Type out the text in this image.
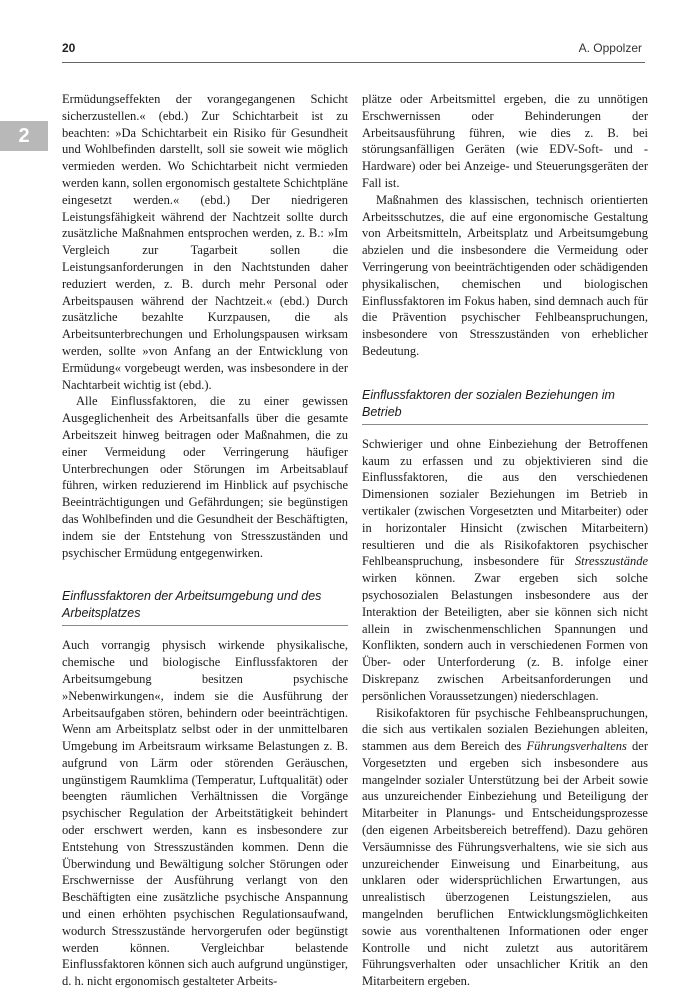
20	A. Oppolzer
2

Ermüdungseffekten der vorangegangenen Schicht sicherzustellen.« (ebd.) Zur Schichtarbeit ist zu beachten: »Da Schichtarbeit ein Risiko für Gesundheit und Wohlbefinden darstellt, soll sie soweit wie möglich vermieden werden. Wo Schichtarbeit nicht vermieden werden kann, sollen ergonomisch gestaltete Schichtpläne eingesetzt werden.« (ebd.) Der niedrigeren Leistungsfähigkeit während der Nachtzeit sollte durch zusätzliche Maßnahmen entsprochen werden, z. B.: »Im Vergleich zur Tagarbeit sollen die Leistungsanforderungen in den Nachtstunden daher reduziert werden, z. B. durch mehr Personal oder Arbeitspausen während der Nachtzeit.« (ebd.) Durch zusätzliche bezahlte Kurzpausen, die als Arbeitsunterbrechungen und Erholungspausen wirksam werden, sollte »von Anfang an der Entwicklung von Ermüdung« vorgebeugt werden, was insbesondere in der Nachtarbeit wichtig ist (ebd.).

Alle Einflussfaktoren, die zu einer gewissen Ausgeglichenheit des Arbeitsanfalls über die gesamte Arbeitszeit hinweg beitragen oder Maßnahmen, die zu einer Vermeidung oder Verringerung häufiger Unterbrechungen oder Störungen im Arbeitsablauf führen, wirken reduzierend im Hinblick auf psychische Beeinträchtigungen und Gefährdungen; sie begünstigen das Wohlbefinden und die Gesundheit der Beschäftigten, indem sie der Entstehung von Stresszuständen und psychischer Ermüdung entgegenwirken.

Einflussfaktoren der Arbeitsumgebung und des Arbeitsplatzes

Auch vorrangig physisch wirkende physikalische, chemische und biologische Einflussfaktoren der Arbeitsumgebung besitzen psychische »Nebenwirkungen«, indem sie die Ausführung der Arbeitsaufgaben stören, behindern oder beeinträchtigen. Wenn am Arbeitsplatz selbst oder in der unmittelbaren Umgebung im Arbeitsraum wirksame Belastungen z. B. aufgrund von Lärm oder störenden Geräuschen, ungünstigem Raumklima (Temperatur, Luftqualität) oder beengten räumlichen Verhältnissen die Vorgänge psychischer Regulation der Arbeitstätigkeit behindert oder erschwert werden, kann es insbesondere zur Entstehung von Stresszuständen kommen. Denn die Überwindung und Bewältigung solcher Störungen oder Erschwernisse der Ausführung verlangt von den Beschäftigten eine zusätzliche psychische Anspannung und einen erhöhten psychischen Regulationsaufwand, wodurch Stresszustände hervorgerufen oder begünstigt werden können. Vergleichbar belastende Einflussfaktoren können sich auch aufgrund ungünstiger, d. h. nicht ergonomisch gestalteter Arbeits-

plätze oder Arbeitsmittel ergeben, die zu unnötigen Erschwernissen oder Behinderungen der Arbeitsausführung führen, wie dies z. B. bei störungsanfälligen Geräten (wie EDV-Soft- und -Hardware) oder bei Anzeige- und Steuerungsgeräten der Fall ist.

Maßnahmen des klassischen, technisch orientierten Arbeitsschutzes, die auf eine ergonomische Gestaltung von Arbeitsmitteln, Arbeitsplatz und Arbeitsumgebung abzielen und die insbesondere die Vermeidung oder Verringerung von beeinträchtigenden oder schädigenden physikalischen, chemischen und biologischen Einflussfaktoren im Fokus haben, sind demnach auch für die Prävention psychischer Fehlbeanspruchungen, insbesondere von Stresszuständen von erheblicher Bedeutung.

Einflussfaktoren der sozialen Beziehungen im Betrieb

Schwieriger und ohne Einbeziehung der Betroffenen kaum zu erfassen und zu objektivieren sind die Einflussfaktoren, die aus den verschiedenen Dimensionen sozialer Beziehungen im Betrieb in vertikaler (zwischen Vorgesetzten und Mitarbeiter) oder in horizontaler Hinsicht (zwischen Mitarbeitern) resultieren und die als Risikofaktoren psychischer Fehlbeanspruchung, insbesondere für Stresszustände wirken können. Zwar ergeben sich solche psychosozialen Belastungen insbesondere aus der Interaktion der Beteiligten, aber sie können sich nicht allein in zwischenmenschlichen Spannungen und Konflikten, sondern auch in verschiedenen Formen von Über- oder Unterforderung (z. B. infolge einer Diskrepanz zwischen Arbeitsanforderungen und persönlichen Voraussetzungen) niederschlagen.

Risikofaktoren für psychische Fehlbeanspruchungen, die sich aus vertikalen sozialen Beziehungen ableiten, stammen aus dem Bereich des Führungsverhaltens der Vorgesetzten und ergeben sich insbesondere aus mangelnder sozialer Unterstützung bei der Arbeit sowie aus unzureichender Einbeziehung und Beteiligung der Mitarbeiter in Planungs- und Entscheidungsprozesse (den eigenen Arbeitsbereich betreffend). Dazu gehören Versäumnisse des Führungsverhaltens, wie sie sich aus unzureichender Einweisung und Einarbeitung, aus unklaren oder widersprüchlichen Erwartungen, aus unrealistisch überzogenen Leistungszielen, aus mangelnden beruflichen Entwicklungsmöglichkeiten sowie aus vorenthaltenen Informationen oder enger Kontrolle und nicht zuletzt aus autoritärem Führungsverhalten oder unsachlicher Kritik an den Mitarbeitern ergeben.
